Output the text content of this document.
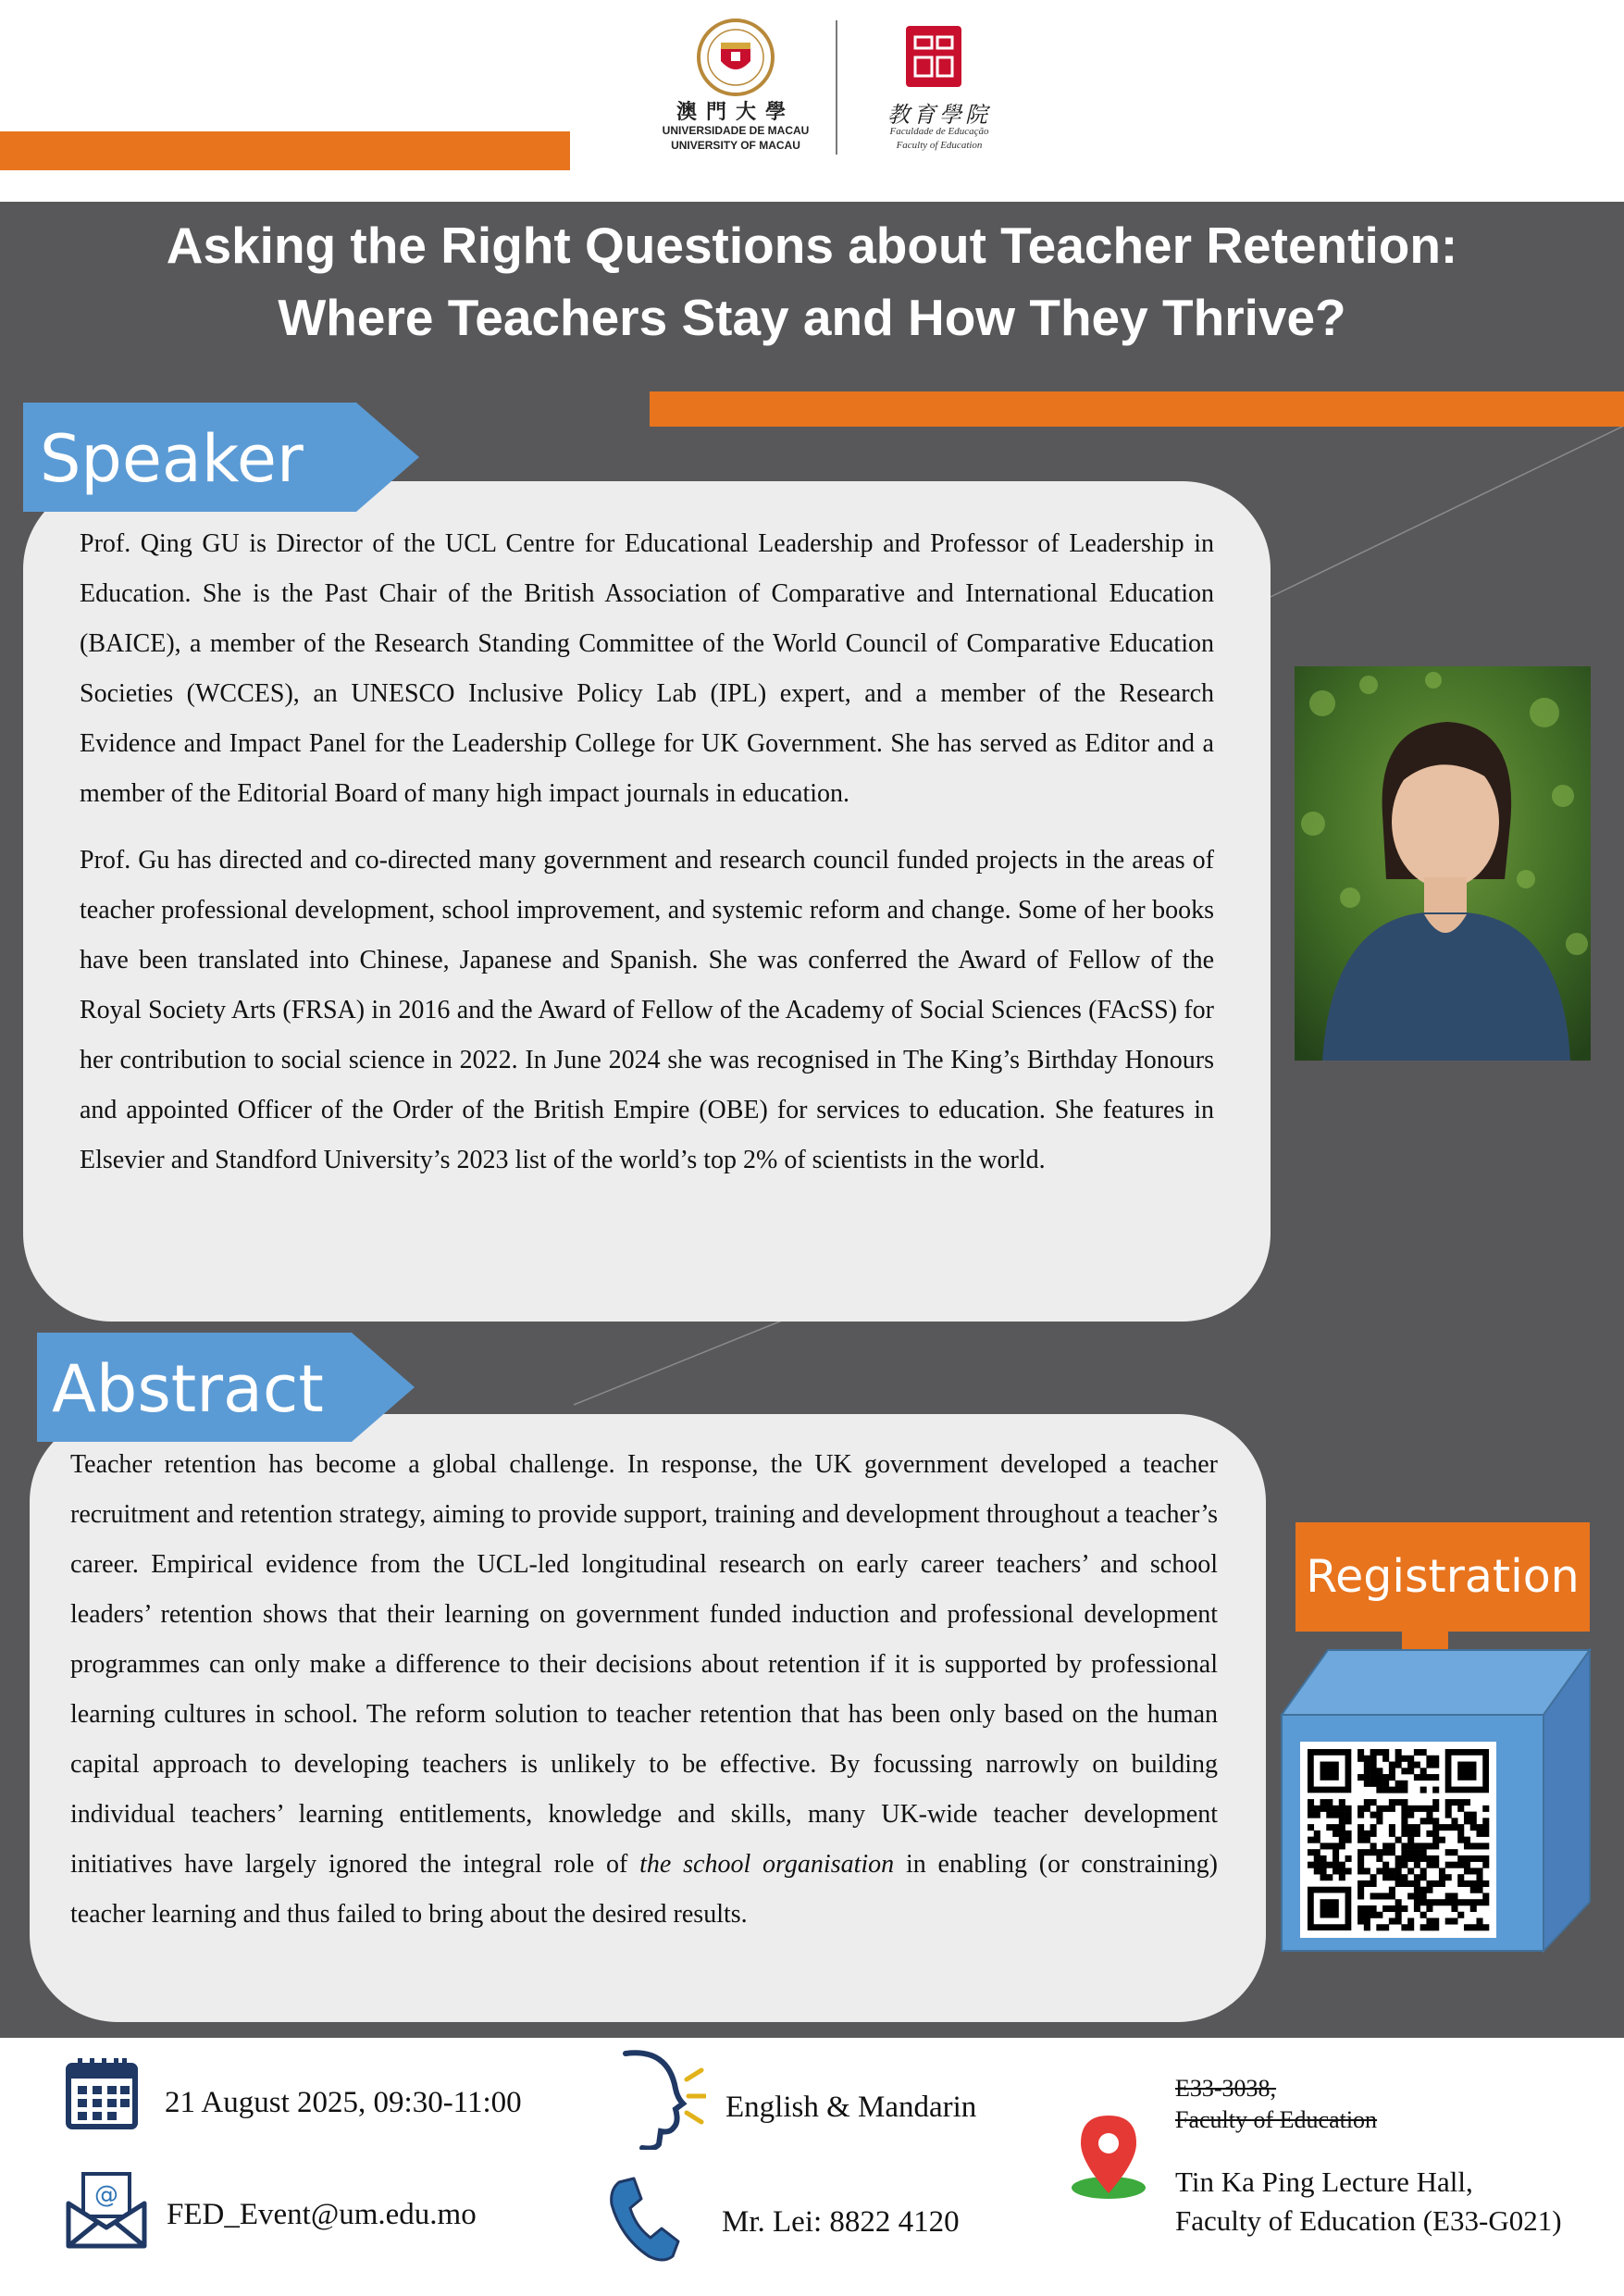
澳門大學
UNIVERSIDADE DE MACAU
UNIVERSITY OF MACAU
教育學院
Faculdade de Educação
Faculty of Education
Asking the Right Questions about Teacher Retention:
Where Teachers Stay and How They Thrive?
Speaker

Prof. Qing GU is Director of the UCL Centre for Educational Leadership and Professor of Leadership in Education. She is the Past Chair of the British Association of Comparative and International Education (BAICE), a member of the Research Standing Committee of the World Council of Comparative Education Societies (WCCES), an UNESCO Inclusive Policy Lab (IPL) expert, and a member of the Research Evidence and Impact Panel for the Leadership College for UK Government. She has served as Editor and a member of the Editorial Board of many high impact journals in education.

Prof. Gu has directed and co-directed many government and research council funded projects in the areas of teacher professional development, school improvement, and systemic reform and change. Some of her books have been translated into Chinese, Japanese and Spanish. She was conferred the Award of Fellow of the Royal Society Arts (FRSA) in 2016 and the Award of Fellow of the Academy of Social Sciences (FAcSS) for her contribution to social science in 2022. In June 2024 she was recognised in The King’s Birthday Honours and appointed Officer of the Order of the British Empire (OBE) for services to education. She features in Elsevier and Standford University’s 2023 list of the world’s top 2% of scientists in the world.

Abstract

Teacher retention has become a global challenge. In response, the UK government developed a teacher recruitment and retention strategy, aiming to provide support, training and development throughout a teacher’s career. Empirical evidence from the UCL-led longitudinal research on early career teachers’ and school leaders’ retention shows that their learning on government funded induction and professional development programmes can only make a difference to their decisions about retention if it is supported by professional learning cultures in school. The reform solution to teacher retention that has been only based on the human capital approach to developing teachers is unlikely to be effective. By focussing narrowly on building individual teachers’ learning entitlements, knowledge and skills, many UK-wide teacher development initiatives have largely ignored the integral role of the school organisation in enabling (or constraining) teacher learning and thus failed to bring about the desired results.

Registration
21 August 2025, 09:30-11:00	English & Mandarin
E33-3038,
Faculty of Education
Tin Ka Ping Lecture Hall,
Faculty of Education (E33-G021)
@
FED_Event@um.edu.mo	Mr. Lei: 8822 4120
